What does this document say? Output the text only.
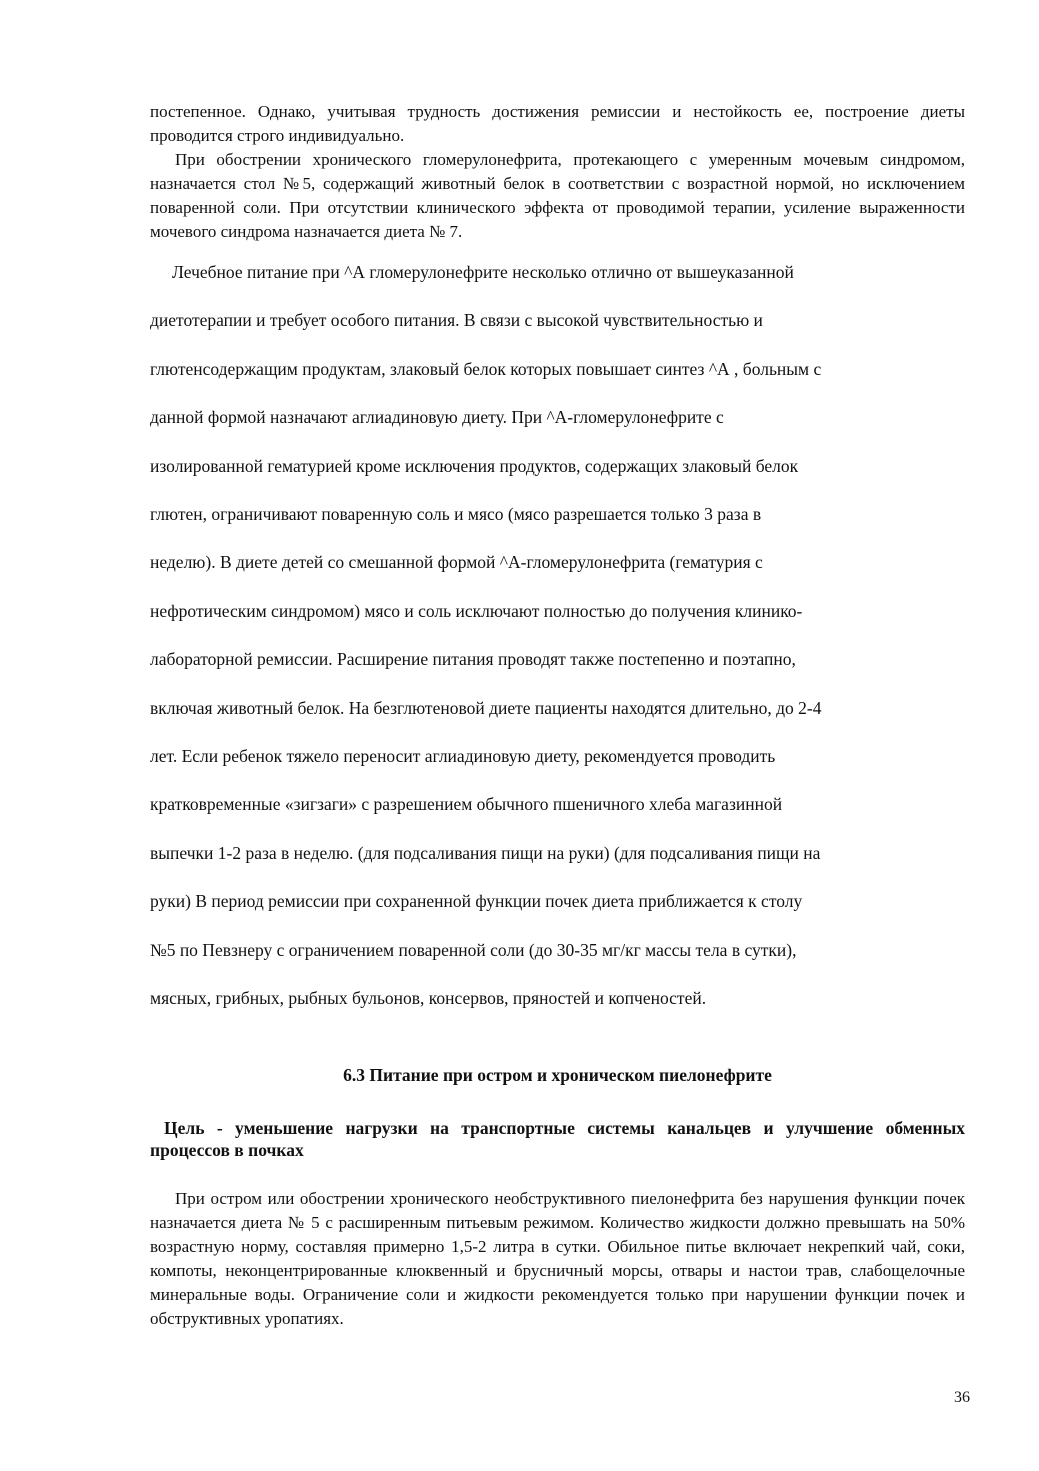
постепенное. Однако, учитывая трудность достижения ремиссии и нестойкость ее, построение диеты проводится строго индивидуально.

При обострении хронического гломерулонефрита, протекающего с умеренным мочевым синдромом, назначается стол №5, содержащий животный белок в соответствии с возрастной нормой, но исключением поваренной соли. При отсутствии клинического эффекта от проводимой терапии, усиление выраженности мочевого синдрома назначается диета № 7.

Лечебное питание при ^А гломерулонефрите несколько отлично от вышеуказанной
диетотерапии и требует особого питания. В связи с высокой чувствительностью и
глютенсодержащим продуктам, злаковый белок которых повышает синтез ^А , больным с
данной формой назначают аглиадиновую диету. При ^А-гломерулонефрите с
изолированной гематурией кроме исключения продуктов, содержащих злаковый белок
глютен, ограничивают поваренную соль и мясо (мясо разрешается только 3 раза в
неделю). В диете детей со смешанной формой ^А-гломерулонефрита (гематурия с
нефротическим синдромом) мясо и соль исключают полностью до получения клинико-
лабораторной ремиссии. Расширение питания проводят также постепенно и поэтапно,
включая животный белок. На безглютеновой диете пациенты находятся длительно, до 2-4
лет. Если ребенок тяжело переносит аглиадиновую диету, рекомендуется проводить
кратковременные «зигзаги» с разрешением обычного пшеничного хлеба магазинной
выпечки 1-2 раза в неделю. (для подсаливания пищи на руки) (для подсаливания пищи на
руки) В период ремиссии при сохраненной функции почек диета приближается к столу
№5 по Певзнеру с ограничением поваренной соли (до 30-35 мг/кг массы тела в сутки),
мясных, грибных, рыбных бульонов, консервов, пряностей и копченостей.
6.3 Питание при остром и хроническом пиелонефрите

Цель - уменьшение нагрузки на транспортные системы канальцев и улучшение обменных процессов в почках

При остром или обострении хронического необструктивного пиелонефрита без нарушения функции почек назначается диета № 5 с расширенным питьевым режимом. Количество жидкости должно превышать на 50% возрастную норму, составляя примерно 1,5-2 литра в сутки. Обильное питье включает некрепкий чай, соки, компоты, неконцентрированные клюквенный и брусничный морсы, отвары и настои трав, слабощелочные минеральные воды. Ограничение соли и жидкости рекомендуется только при нарушении функции почек и обструктивных уропатиях.

36
